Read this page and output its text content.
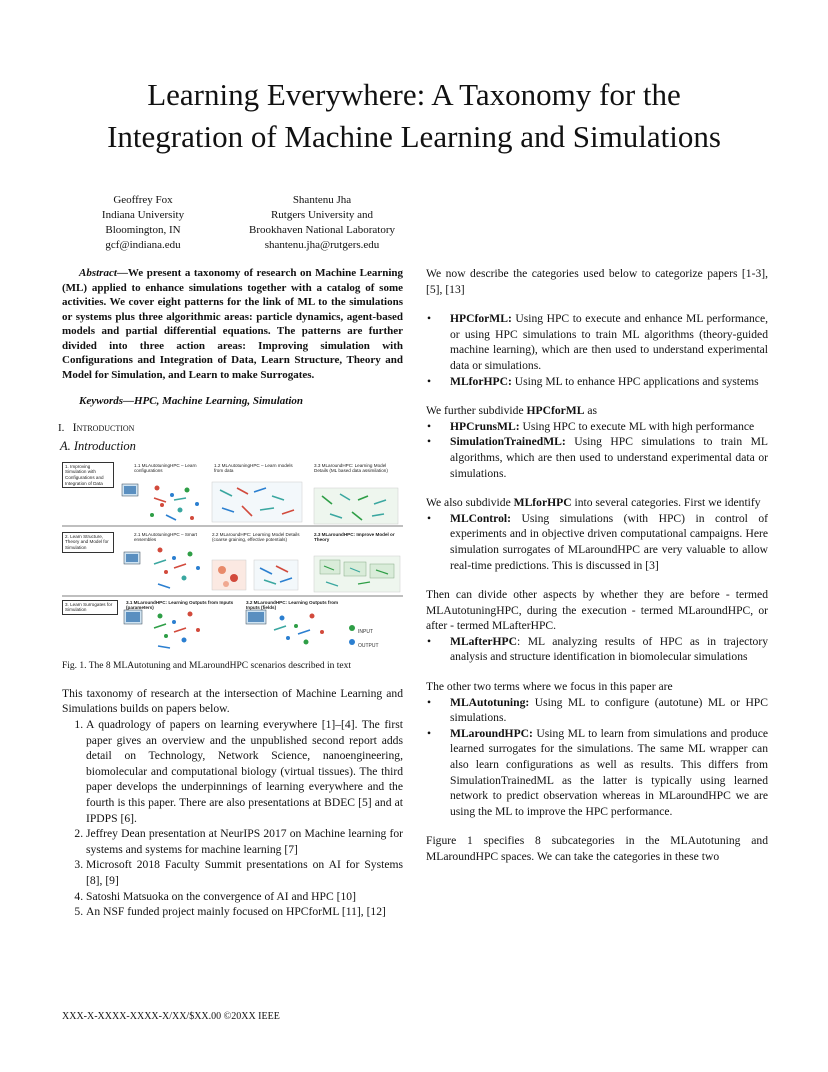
Learning Everywhere: A Taxonomy for the
Integration of Machine Learning and Simulations
Geoffrey Fox
Indiana University
Bloomington, IN
gcf@indiana.edu
Shantenu Jha
Rutgers University and
Brookhaven National Laboratory
shantenu.jha@rutgers.edu
Abstract—We present a taxonomy of research on Machine Learning (ML) applied to enhance simulations together with a catalog of some activities. We cover eight patterns for the link of ML to the simulations or systems plus three algorithmic areas: particle dynamics, agent-based models and partial differential equations. The patterns are further divided into three action areas: Improving simulation with Configurations and Integration of Data, Learn Structure, Theory and Model for Simulation, and Learn to make Surrogates.
Keywords—HPC, Machine Learning, Simulation
I. Introduction
A. Introduction
1. Improving Simulation with Configurations and Integration of Data
1.1 MLAutotuningHPC – Learn configurations
1.2 MLAutotuningHPC – Learn models from data
3.3 MLaroundHPC: Learning Model Details (ML based data assimilation)
2. Learn Structure, Theory and Model for Simulation
2.1 MLAutotuningHPC – Smart ensembles
2.2 MLaroundHPC: Learning Model Details (coarse graining, effective potentials)
2.3 MLaroundHPC: Improve Model or Theory
3. Learn Surrogates for Simulation
3.1 MLaroundHPC: Learning Outputs from Inputs (parameters)
3.2 MLaroundHPC: Learning Outputs from Inputs (fields)
INPUT
OUTPUT
Fig. 1. The 8 MLAutotuning and MLaroundHPC scenarios described in text
This taxonomy of research at the intersection of Machine Learning and Simulations builds on papers below.
1. A quadrology of papers on learning everywhere [1]–[4]. The first paper gives an overview and the unpublished second report adds detail on Technology, Network Science, nanoengineering, biomolecular and computational biology (virtual tissues). The third paper develops the underpinnings of learning everywhere and the fourth is this paper. There are also presentations at BDEC [5] and at IPDPS [6].
2. Jeffrey Dean presentation at NeurIPS 2017 on Machine learning for systems and systems for machine learning [7]
3. Microsoft 2018 Faculty Summit presentations on AI for Systems [8], [9]
4. Satoshi Matsuoka on the convergence of AI and HPC [10]
5. An NSF funded project mainly focused on HPCforML [11], [12]
We now describe the categories used below to categorize papers [1-3], [5], [13]
• HPCforML: Using HPC to execute and enhance ML performance, or using HPC simulations to train ML algorithms (theory-guided machine learning), which are then used to understand experimental data or simulations.
• MLforHPC: Using ML to enhance HPC applications and systems
We further subdivide HPCforML as
• HPCrunsML: Using HPC to execute ML with high performance
• SimulationTrainedML: Using HPC simulations to train ML algorithms, which are then used to understand experimental data or simulations.
We also subdivide MLforHPC into several categories. First we identify
• MLControl: Using simulations (with HPC) in control of experiments and in objective driven computational campaigns. Here simulation surrogates of MLaroundHPC are very valuable to allow real-time predictions. This is discussed in [3]
Then can divide other aspects by whether they are before - termed MLAutotuningHPC, during the execution - termed MLaroundHPC, or after - termed MLafterHPC.
• MLafterHPC: ML analyzing results of HPC as in trajectory analysis and structure identification in biomolecular simulations
The other two terms where we focus in this paper are
• MLAutotuning: Using ML to configure (autotune) ML or HPC simulations.
• MLaroundHPC: Using ML to learn from simulations and produce learned surrogates for the simulations. The same ML wrapper can also learn configurations as well as results. This differs from SimulationTrainedML as the latter is typically using learned network to predict observation whereas in MLaroundHPC we are using the ML to improve the HPC performance.
Figure 1 specifies 8 subcategories in the MLAutotuning and MLaroundHPC spaces. We can take the categories in these two
XXX-X-XXXX-XXXX-X/XX/$XX.00 ©20XX IEEE
